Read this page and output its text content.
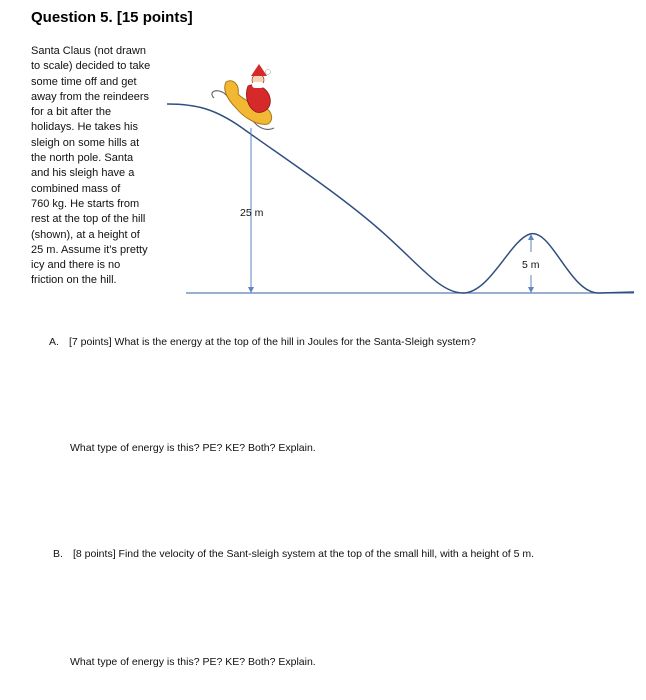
Question 5. [15 points]
Santa Claus (not drawn
to scale) decided to take
some time off and get
away from the reindeers
for a bit after the
holidays. He takes his
sleigh on some hills at
the north pole. Santa
and his sleigh have a
combined mass of
760 kg. He starts from
rest at the top of the hill
(shown), at a height of
25 m. Assume it’s pretty
icy and there is no
friction on the hill.
25 m
5 m
A. [7 points] What is the energy at the top of the hill in Joules for the Santa-Sleigh system?
What type of energy is this? PE? KE? Both? Explain.
B. [8 points] Find the velocity of the Sant-sleigh system at the top of the small hill, with a height of 5 m.
What type of energy is this? PE? KE? Both? Explain.
